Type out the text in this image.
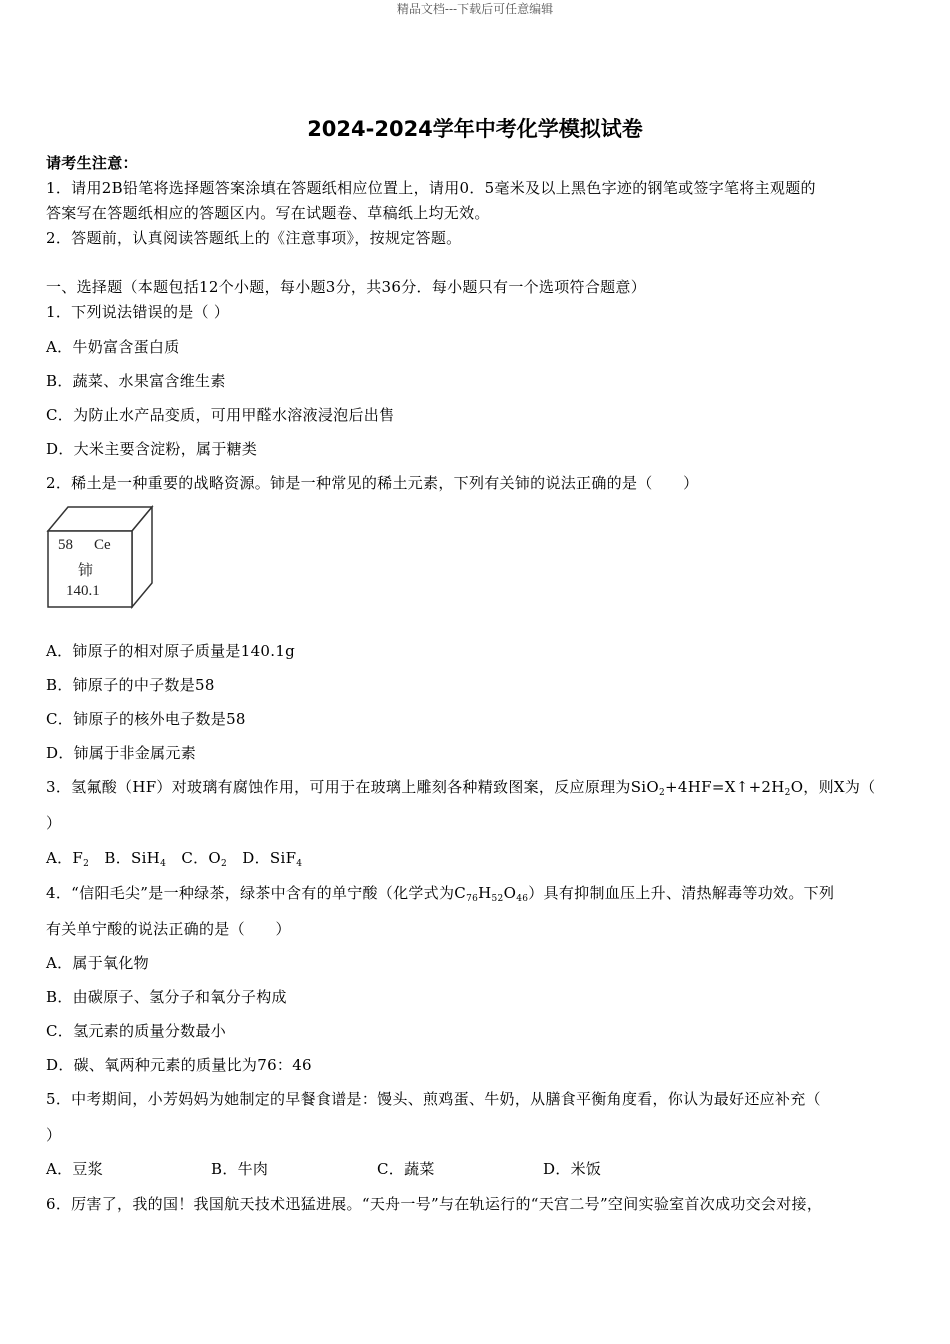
精品文档---下载后可任意编辑
2024-2024学年中考化学模拟试卷
请考生注意：
1．请用2B铅笔将选择题答案涂填在答题纸相应位置上，请用0．5毫米及以上黑色字迹的钢笔或签字笔将主观题的
答案写在答题纸相应的答题区内。写在试题卷、草稿纸上均无效。
2．答题前，认真阅读答题纸上的《注意事项》，按规定答题。
一、选择题（本题包括12个小题，每小题3分，共36分．每小题只有一个选项符合题意）
1．下列说法错误的是（ ）
A．牛奶富含蛋白质
B．蔬菜、水果富含维生素
C．为防止水产品变质，可用甲醛水溶液浸泡后出售
D．大米主要含淀粉，属于糖类
2．稀土是一种重要的战略资源。铈是一种常见的稀土元素，下列有关铈的说法正确的是（　　）
58 Ce
铈
140.1
A．铈原子的相对原子质量是140.1g
B．铈原子的中子数是58
C．铈原子的核外电子数是58
D．铈属于非金属元素
3．氢氟酸（HF）对玻璃有腐蚀作用，可用于在玻璃上雕刻各种精致图案，反应原理为$SiO_2+4HF=X↑+2H_2O$，则X为（
）
A．$F_2$ B．SiH$_4$ C．$O_2$ D．SiF$_4$
4．“信阳毛尖”是一种绿茶，绿茶中含有的单宁酸（化学式为$C_{76}H_{52}O_{46}$）具有抑制血压上升、清热解毒等功效。下列
有关单宁酸的说法正确的是（　　）
A．属于氧化物
B．由碳原子、氢分子和氧分子构成
C．氢元素的质量分数最小
D．碳、氧两种元素的质量比为76：46
5．中考期间，小芳妈妈为她制定的早餐食谱是：馒头、煎鸡蛋、牛奶，从膳食平衡角度看，你认为最好还应补充（
）
A．豆浆	B．牛肉	C．蔬菜	D．米饭
6．厉害了，我的国！我国航天技术迅猛进展。“天舟一号”与在轨运行的“天宫二号”空间实验室首次成功交会对接，
